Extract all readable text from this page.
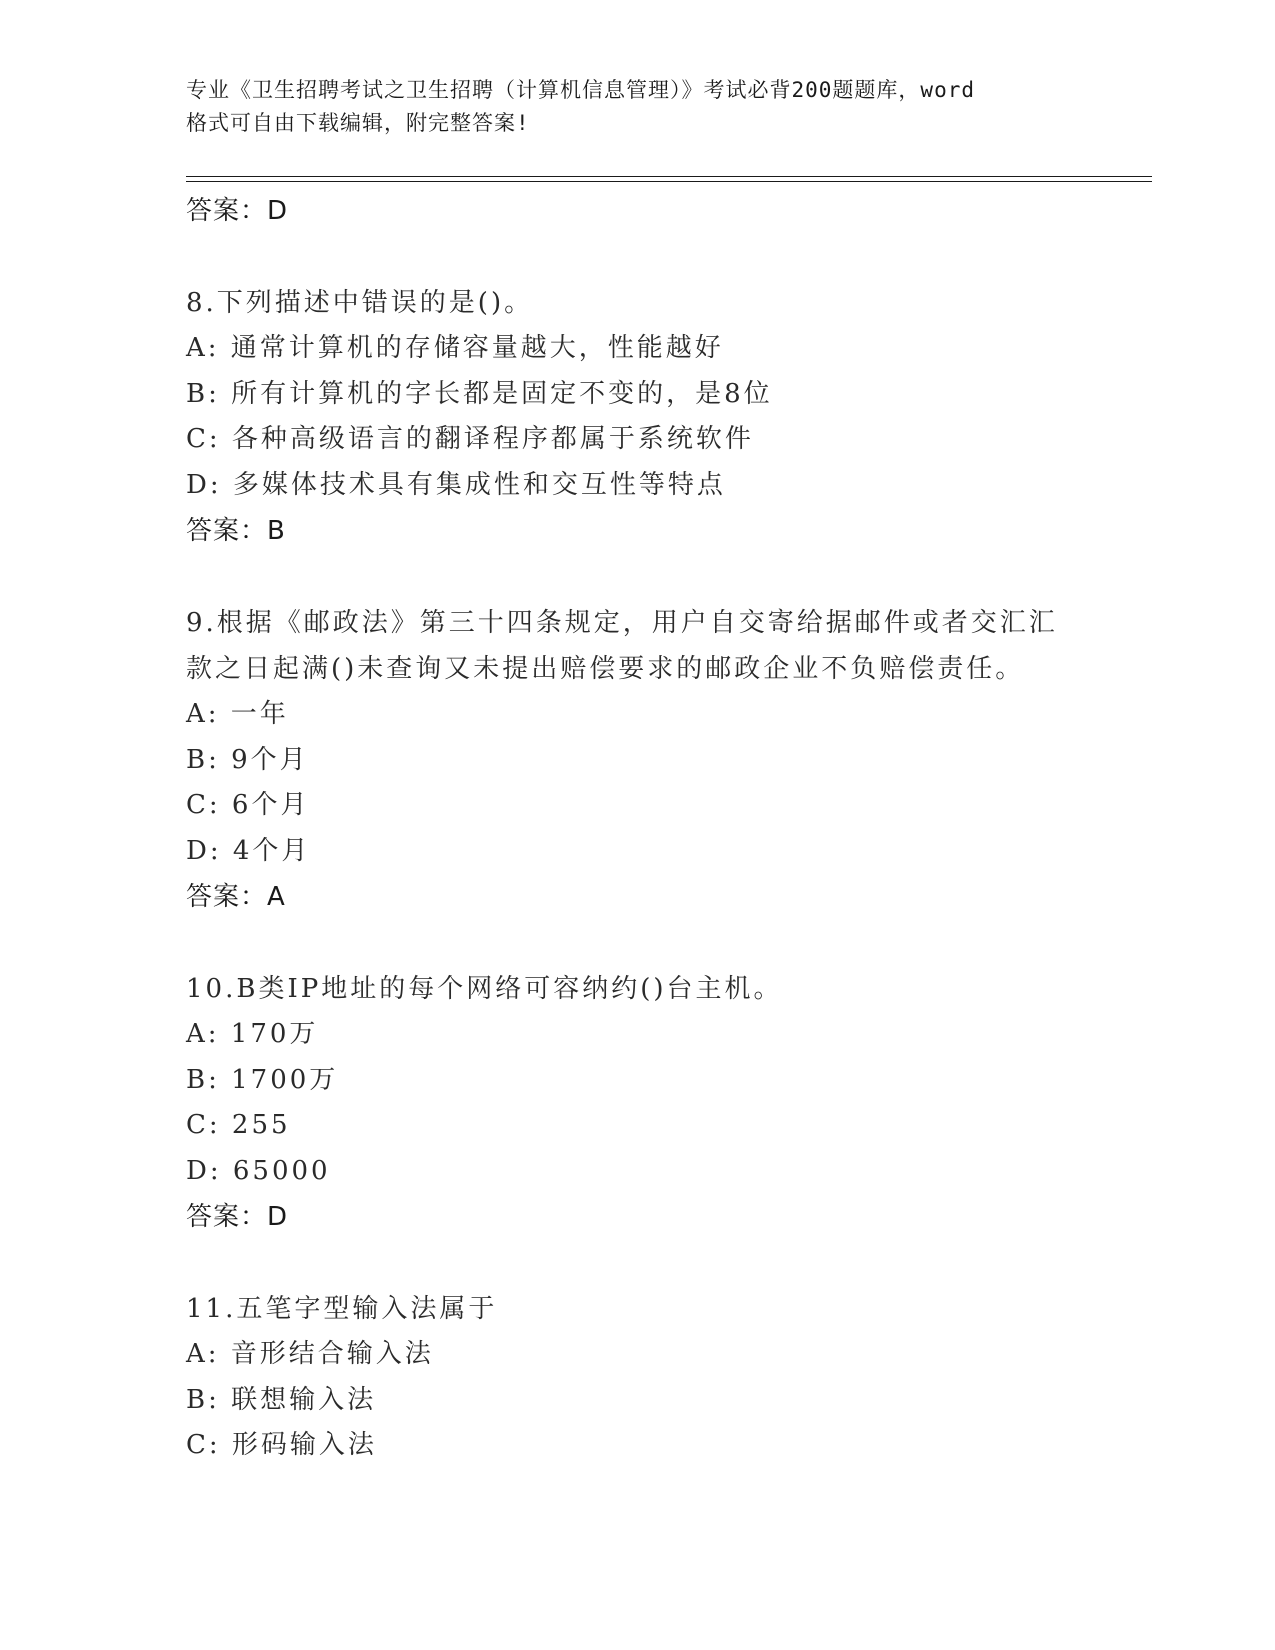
专业《卫生招聘考试之卫生招聘（计算机信息管理）》考试必背200题题库，word
格式可自由下载编辑，附完整答案!
答案：D
8.下列描述中错误的是()。
A: 通常计算机的存储容量越大，性能越好
B: 所有计算机的字长都是固定不变的，是8位
C: 各种高级语言的翻译程序都属于系统软件
D: 多媒体技术具有集成性和交互性等特点
答案：B
9.根据《邮政法》第三十四条规定，用户自交寄给据邮件或者交汇汇
款之日起满()未查询又未提出赔偿要求的邮政企业不负赔偿责任。
A: 一年
B: 9个月
C: 6个月
D: 4个月
答案：A
10.B类IP地址的每个网络可容纳约()台主机。
A: 170万
B: 1700万
C: 255
D: 65000
答案：D
11.五笔字型输入法属于
A: 音形结合输入法
B: 联想输入法
C: 形码输入法
